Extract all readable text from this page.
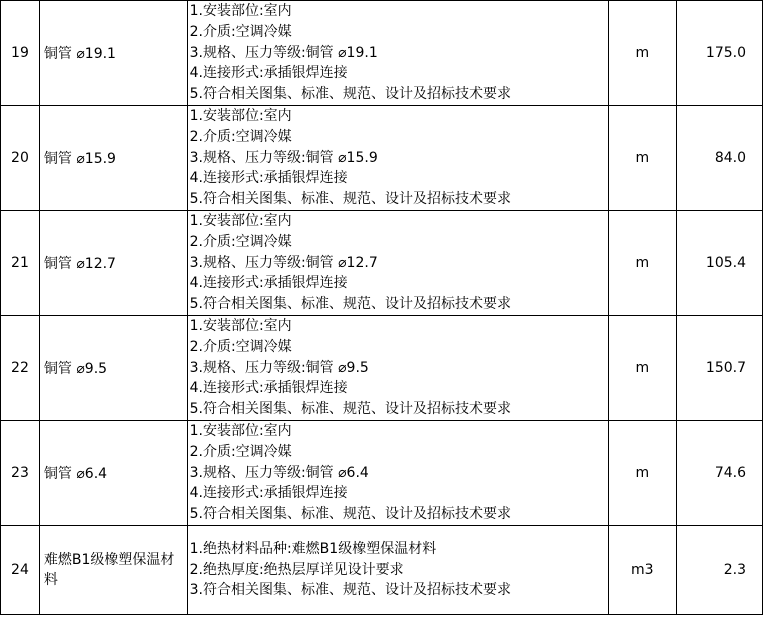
19	铜管 ⌀19.1	1.安装部位:室内
2.介质:空调冷媒
3.规格、压力等级:铜管 ⌀19.1
4.连接形式:承插银焊连接
5.符合相关图集、标准、规范、设计及招标技术要求	m	175.0
20	铜管 ⌀15.9	1.安装部位:室内
2.介质:空调冷媒
3.规格、压力等级:铜管 ⌀15.9
4.连接形式:承插银焊连接
5.符合相关图集、标准、规范、设计及招标技术要求	m	84.0
21	铜管 ⌀12.7	1.安装部位:室内
2.介质:空调冷媒
3.规格、压力等级:铜管 ⌀12.7
4.连接形式:承插银焊连接
5.符合相关图集、标准、规范、设计及招标技术要求	m	105.4
22	铜管 ⌀9.5	1.安装部位:室内
2.介质:空调冷媒
3.规格、压力等级:铜管 ⌀9.5
4.连接形式:承插银焊连接
5.符合相关图集、标准、规范、设计及招标技术要求	m	150.7
23	铜管 ⌀6.4	1.安装部位:室内
2.介质:空调冷媒
3.规格、压力等级:铜管 ⌀6.4
4.连接形式:承插银焊连接
5.符合相关图集、标准、规范、设计及招标技术要求	m	74.6
24	难燃B1级橡塑保温材料	1.绝热材料品种:难燃B1级橡塑保温材料
2.绝热厚度:绝热层厚详见设计要求
3.符合相关图集、标准、规范、设计及招标技术要求	m3	2.3
